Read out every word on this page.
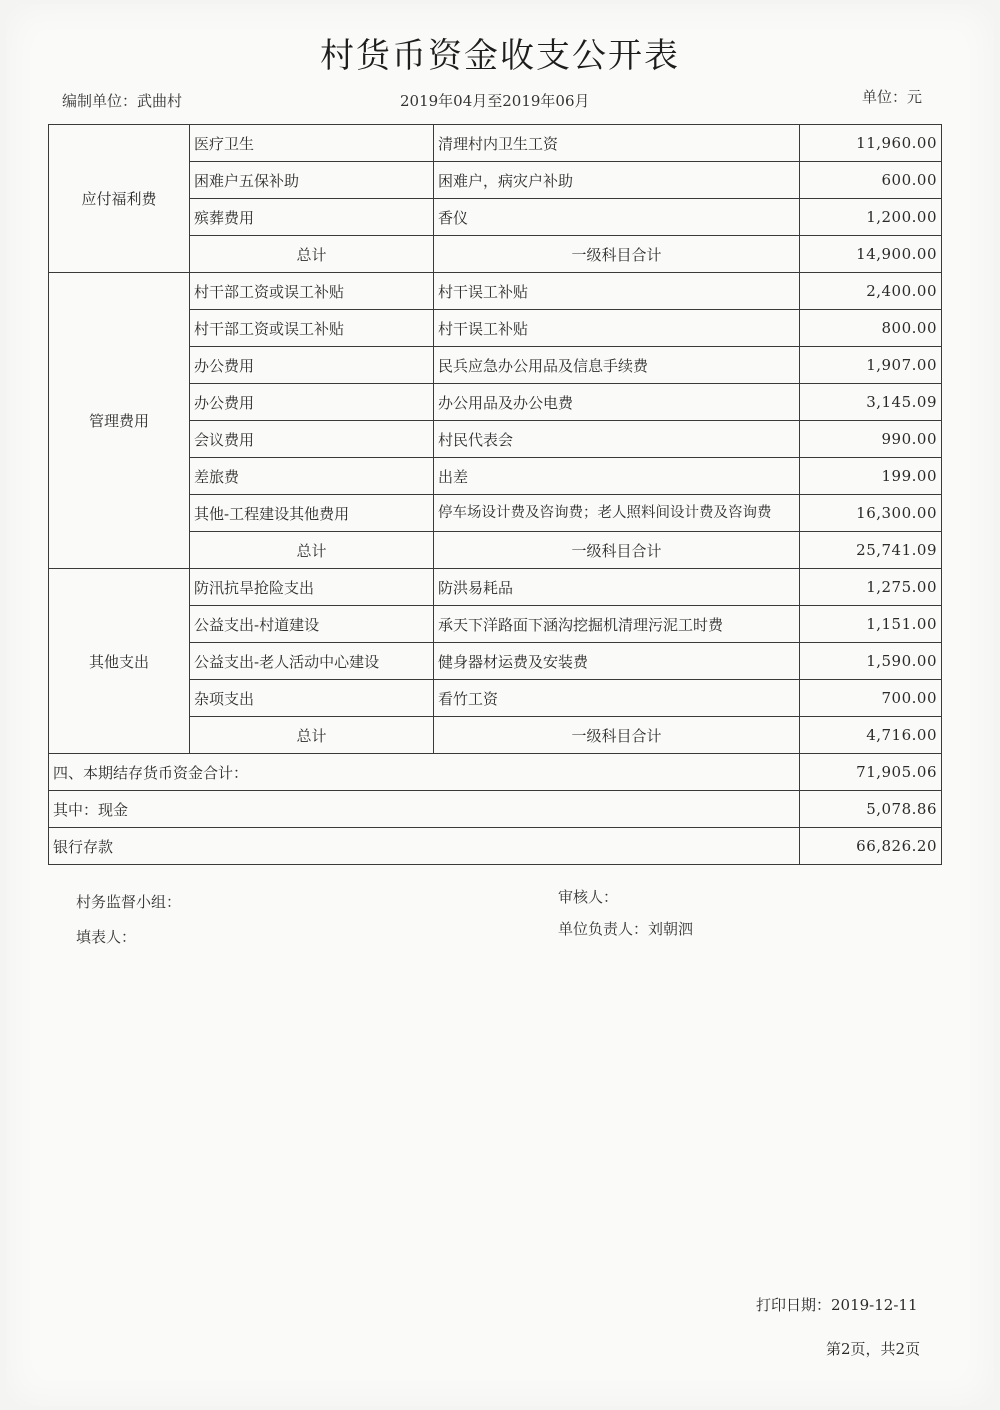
村货币资金收支公开表
编制单位：武曲村	2019年04月至2019年06月	单位：元
应付福利费	医疗卫生	清理村内卫生工资	11,960.00
	困难户五保补助	困难户，病灾户补助	600.00
	殡葬费用	香仪	1,200.00
	总计	一级科目合计	14,900.00
管理费用	村干部工资或误工补贴	村干误工补贴	2,400.00
	村干部工资或误工补贴	村干误工补贴	800.00
	办公费用	民兵应急办公用品及信息手续费	1,907.00
	办公费用	办公用品及办公电费	3,145.09
	会议费用	村民代表会	990.00
	差旅费	出差	199.00
	其他-工程建设其他费用	停车场设计费及咨询费；老人照料间设计费及咨询费	16,300.00
	总计	一级科目合计	25,741.09
其他支出	防汛抗旱抢险支出	防洪易耗品	1,275.00
	公益支出-村道建设	承天下洋路面下涵沟挖掘机清理污泥工时费	1,151.00
	公益支出-老人活动中心建设	健身器材运费及安装费	1,590.00
	杂项支出	看竹工资	700.00
	总计	一级科目合计	4,716.00
四、本期结存货币资金合计：			71,905.06
其中：现金			5,078.86
银行存款			66,826.20
村务监督小组：
填表人：
审核人：
单位负责人：刘朝泗
打印日期：2019-12-11
第2页，共2页
